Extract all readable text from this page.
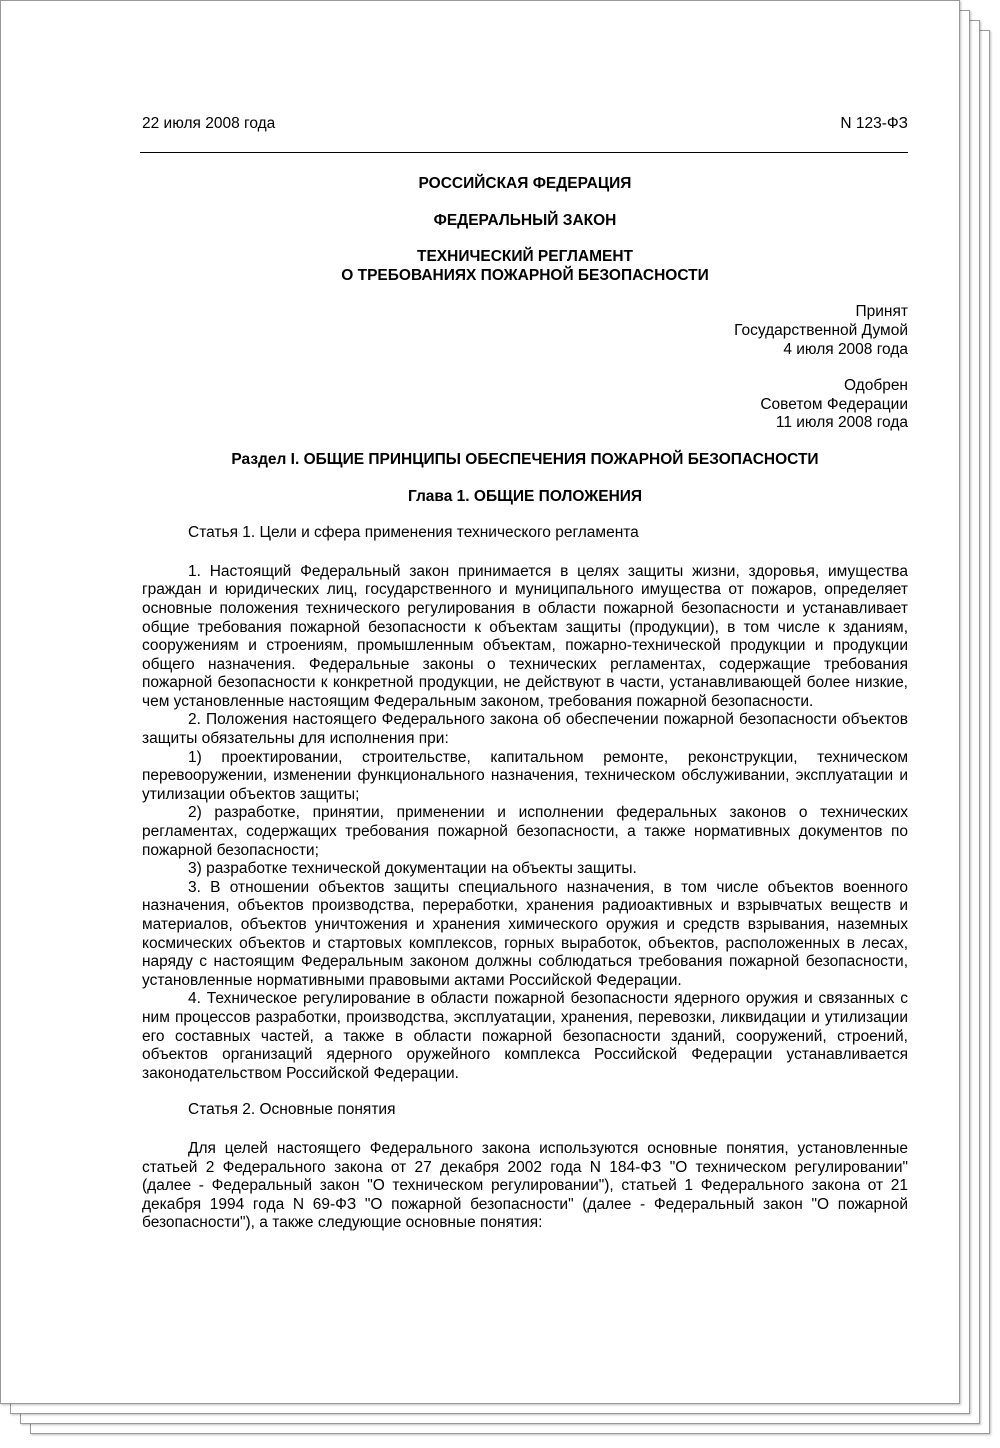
22 июля 2008 года	N 123-ФЗ

РОССИЙСКАЯ ФЕДЕРАЦИЯ

ФЕДЕРАЛЬНЫЙ ЗАКОН

ТЕХНИЧЕСКИЙ РЕГЛАМЕНТ

О ТРЕБОВАНИЯХ ПОЖАРНОЙ БЕЗОПАСНОСТИ

Принят

Государственной Думой

4 июля 2008 года

Одобрен

Советом Федерации

11 июля 2008 года

Раздел I. ОБЩИЕ ПРИНЦИПЫ ОБЕСПЕЧЕНИЯ ПОЖАРНОЙ БЕЗОПАСНОСТИ

Глава 1. ОБЩИЕ ПОЛОЖЕНИЯ

Статья 1. Цели и сфера применения технического регламента

1. Настоящий Федеральный закон принимается в целях защиты жизни, здоровья, имущества граждан и юридических лиц, государственного и муниципального имущества от пожаров, определяет основные положения технического регулирования в области пожарной безопасности и устанавливает общие требования пожарной безопасности к объектам защиты (продукции), в том числе к зданиям, сооружениям и строениям, промышленным объектам, пожарно-технической продукции и продукции общего назначения. Федеральные законы о технических регламентах, содержащие требования пожарной безопасности к конкретной продукции, не действуют в части, устанавливающей более низкие, чем установленные настоящим Федеральным законом, требования пожарной безопасности.

2. Положения настоящего Федерального закона об обеспечении пожарной безопасности объектов защиты обязательны для исполнения при:

1) проектировании, строительстве, капитальном ремонте, реконструкции, техническом перевооружении, изменении функционального назначения, техническом обслуживании, эксплуатации и утилизации объектов защиты;

2) разработке, принятии, применении и исполнении федеральных законов о технических регламентах, содержащих требования пожарной безопасности, а также нормативных документов по пожарной безопасности;

3) разработке технической документации на объекты защиты.

3. В отношении объектов защиты специального назначения, в том числе объектов военного назначения, объектов производства, переработки, хранения радиоактивных и взрывчатых веществ и материалов, объектов уничтожения и хранения химического оружия и средств взрывания, наземных космических объектов и стартовых комплексов, горных выработок, объектов, расположенных в лесах, наряду с настоящим Федеральным законом должны соблюдаться требования пожарной безопасности, установленные нормативными правовыми актами Российской Федерации.

4. Техническое регулирование в области пожарной безопасности ядерного оружия и связанных с ним процессов разработки, производства, эксплуатации, хранения, перевозки, ликвидации и утилизации его составных частей, а также в области пожарной безопасности зданий, сооружений, строений, объектов организаций ядерного оружейного комплекса Российской Федерации устанавливается законодательством Российской Федерации.

Статья 2. Основные понятия

Для целей настоящего Федерального закона используются основные понятия, установленные статьей 2 Федерального закона от 27 декабря 2002 года N 184-ФЗ "О техническом регулировании" (далее - Федеральный закон "О техническом регулировании"), статьей 1 Федерального закона от 21 декабря 1994 года N 69-ФЗ "О пожарной безопасности" (далее - Федеральный закон "О пожарной безопасности"), а также следующие основные понятия:
